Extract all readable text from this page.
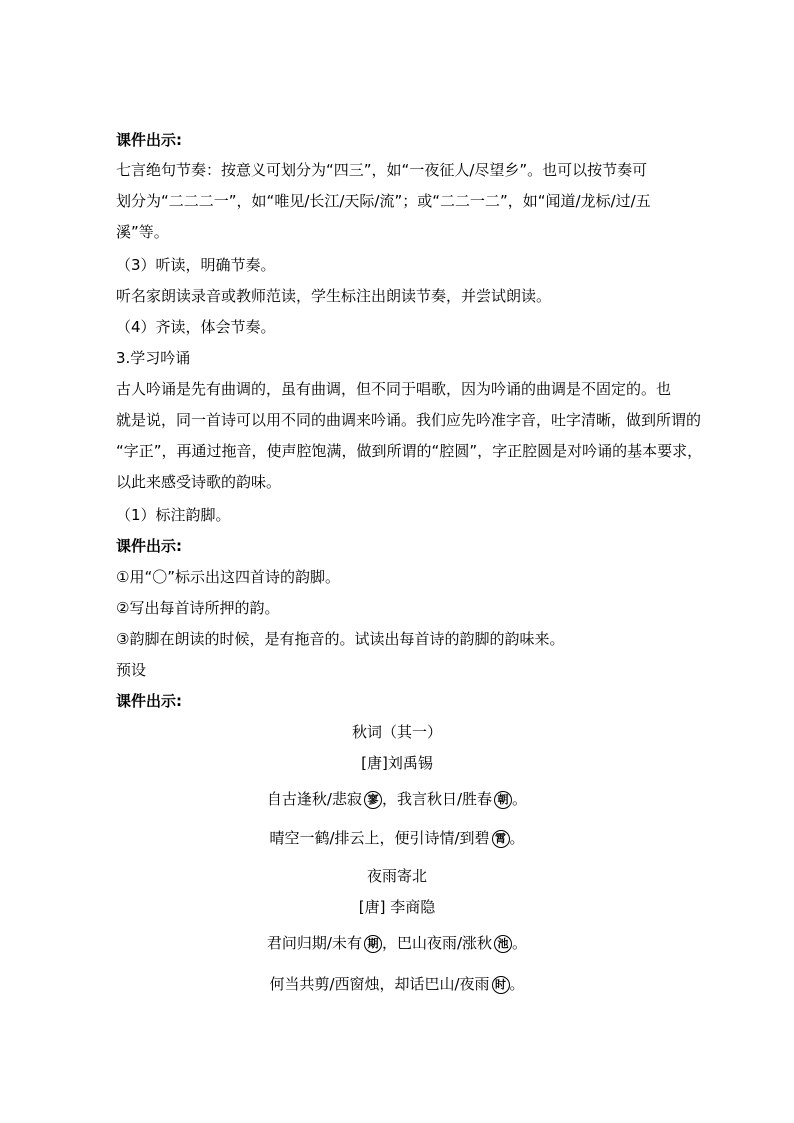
课件出示:
七言绝句节奏：按意义可划分为“四三”，如“一夜征人/尽望乡”。也可以按节奏可
划分为“二二二一”，如“唯见/长江/天际/流”；或“二二一二”，如“闻道/龙标/过/五
溪”等。
（3）听读，明确节奏。
听名家朗读录音或教师范读，学生标注出朗读节奏，并尝试朗读。
（4）齐读，体会节奏。
3.学习吟诵
古人吟诵是先有曲调的，虽有曲调，但不同于唱歌，因为吟诵的曲调是不固定的。也
就是说，同一首诗可以用不同的曲调来吟诵。我们应先吟准字音，吐字清晰，做到所谓的
“字正”，再通过拖音，使声腔饱满，做到所谓的“腔圆”，字正腔圆是对吟诵的基本要求，
以此来感受诗歌的韵味。
（1）标注韵脚。
课件出示:
①用“〇”标示出这四首诗的韵脚。
②写出每首诗所押的韵。
③韵脚在朗读的时候，是有拖音的。试读出每首诗的韵脚的韵味来。
预设
课件出示:
秋词（其一）
[唐]刘禹锡
自古逢秋/悲寂 寥 ，我言秋日/胜春 朝 。
晴空一鹤/排云上，便引诗情/到碧 霄 。
夜雨寄北
[唐] 李商隐
君问归期/未有 期 ，巴山夜雨/涨秋 池 。
何当共剪/西窗烛，却话巴山/夜雨 时 。
